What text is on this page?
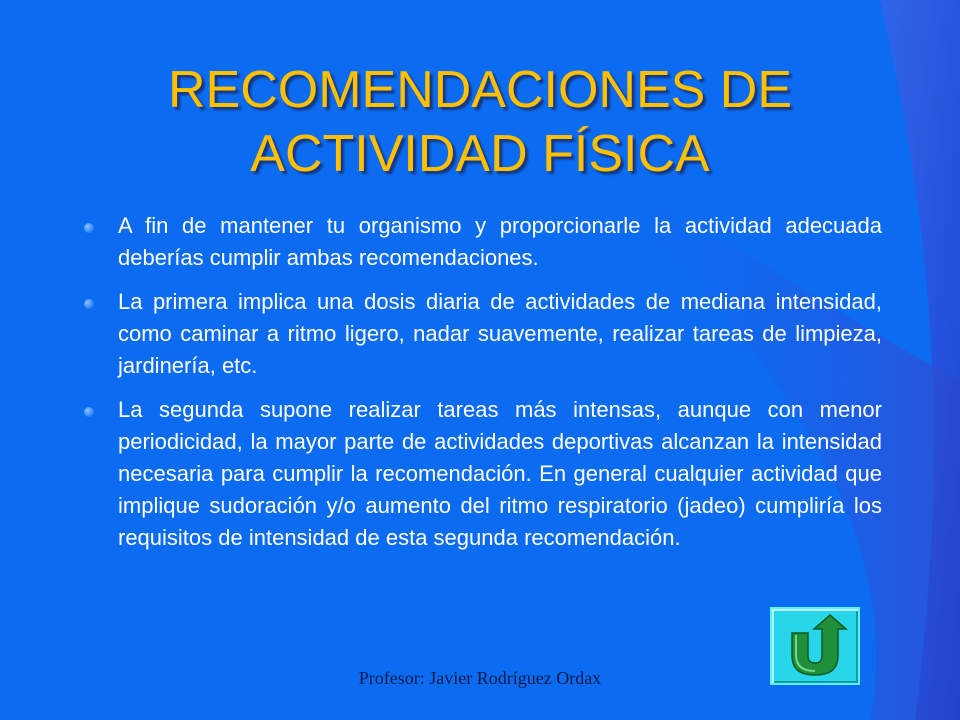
RECOMENDACIONES DE ACTIVIDAD FÍSICA
A fin de mantener tu organismo y proporcionarle la actividad adecuada deberías cumplir ambas recomendaciones.
La primera implica una dosis diaria de actividades de mediana intensidad, como caminar a ritmo ligero, nadar suavemente, realizar tareas de limpieza, jardinería, etc.
La segunda supone realizar tareas más intensas, aunque con menor periodicidad, la mayor parte de actividades deportivas alcanzan la intensidad necesaria para cumplir la recomendación. En general cualquier actividad que implique sudoración y/o aumento del ritmo respiratorio (jadeo) cumpliría los requisitos de intensidad de esta segunda recomendación.
Profesor: Javier Rodríguez Ordax
